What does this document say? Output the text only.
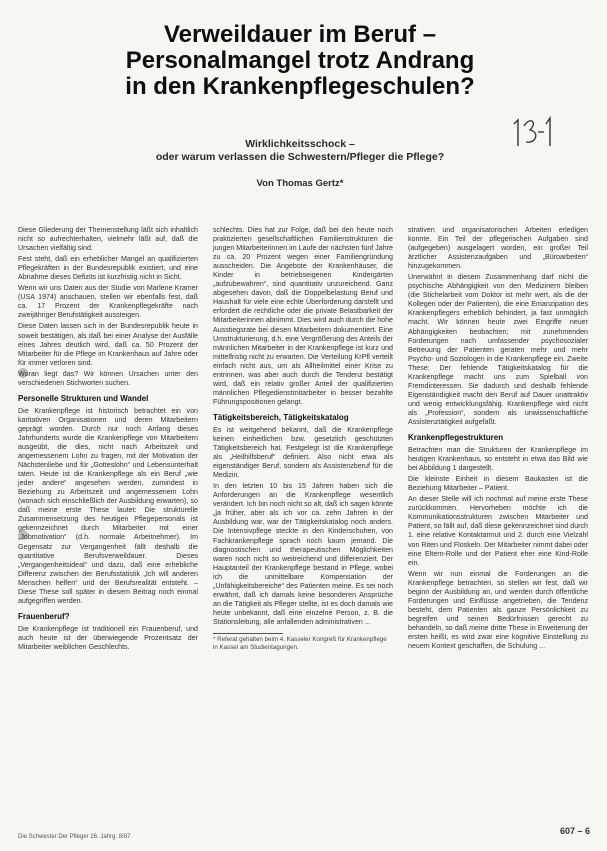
Verweildauer im Beruf –
Personalmangel trotz Andrang
in den Krankenpflegeschulen?
Wirklichkeitsschock –
oder warum verlassen die Schwestern/Pfleger die Pflege?
Von Thomas Gertz*

Diese Gliederung der Themenstellung läßt sich inhaltlich nicht so aufrechterhalten, vielmehr läßt auf, daß die Ursachen vielfältig sind.

Fest steht, daß ein erheblicher Mangel an qualifizierten Pflegekräften in der Bundesrepublik existiert, und eine Abnahme dieses Defizits ist kurzfristig nicht in Sicht.

Wenn wir uns Daten aus der Studie von Marlene Kramer (USA 1974) anschauen, stellen wir ebenfalls fest, daß ca. 17 Prozent der Krankenpflegekräfte nach zweijähriger Berufstätigkeit aussteigen.

Diese Daten lassen sich in der Bundesrepublik heute in soweit bestätigen, als daß bei einer Analyse der Ausfälle eines Jahres deutlich wird, daß ca. 50 Prozent der Mitarbeiter für die Pflege im Krankenhaus auf Jahre oder für immer verloren sind.

Woran liegt das? Wir können Ursachen unter den verschiedenen Stichworten suchen.

Personelle Strukturen und Wandel

Die Krankenpflege ist historisch betrachtet ein von karitativen Organisationen und deren Mitarbeitern geprägt worden. Durch nur noch Anfang dieses Jahrhunderts wurde die Krankenpflege von Mitarbeitern ausgeübt, die dies, nicht nach Arbeitszeit und angemessenem Lohn zu fragen, mit der Motivation der Nächstenliebe und für „Gotteslohn“ und Lebensunterhalt taten. Heute ist die Krankenpflege als ein Beruf „wie jeder andere“ angesehen werden, zumindest in Beziehung zu Arbeitszeit und angemessenem Lohn (wonach sich einschließlich der Ausbildung erwarten), so daß meine erste These lautet: Die strukturelle Zusammensetzung des heutigen Pflegepersonals ist gekennzeichnet durch Mitarbeiter mit einer „Jobmotivation“ (d.h. normale Arbeitnehmer). Im Gegensatz zur Vergangenheit fällt deshalb die quantitative Berufsverweildauer. Dieses „Vergangenheitsideal“ und dazu, daß eine erhebliche Differenz zwischen der Berufsstatistik „Ich will anderen Menschen helfen“ und der Berufsrealität entsteht. – Diese These soll später in diesem Beitrag noch einmal aufgegriffen werden.

Frauenberuf?

Die Krankenpflege ist traditionell ein Frauenberuf, und auch heute ist der überwiegende Prozentsatz der Mitarbeiter weiblichen Geschlechts.

schlechts. Dies hat zur Folge, daß bei den heute noch praktizierten gesellschaftlichen Familienstrukturen die jungen Mitarbeiterinnen im Laufe der nächsten fünf Jahre zu ca. 20 Prozent wegen einer Familiengründung ausscheiden. Die Angebote der Krankenhäuser, die Kinder in betriebseigenen Kindergärten „aufzubewahren“, sind quantitativ unzureichend. Ganz abgesehen davon, daß die Doppelbelastung Beruf und Haushalt für viele eine echte Überforderung darstellt und erfordert die rechtliche oder die private Belastbarkeit der Mitarbeiterinnen abnimmt. Dies wird auch durch die hohe Ausstiegsrate bei diesen Mitarbeitern dokumentiert. Eine Umstrukturierung, d.h. eine Vergrößerung des Anteils der männlichen Mitarbeiter in der Krankenpflege ist kurz und mittelfristig nicht zu erwarten. Die Verteilung KrPfl verteilt einfach nicht aus, um als Allheilmittel einer Krise zu entrinnen, was aber auch durch die Tendenz bestätigt wird, daß ein relativ großer Anteil der qualifizierten männlichen Pflegedienstmitarbeiter in besser bezahlte Führungspositionen gelangt.

Tätigkeitsbereich, Tätigkeitskatalog

Es ist weitgehend bekannt, daß die Krankenpflege keinen einheitlichen bzw. gesetzlich geschützten Tätigkeitsbereich hat. Festgelegt ist die Krankenpflege als „Heilhilfsberuf“ definiert. Also nicht etwa als eigenständiger Beruf, sondern als Assistenzberuf für die Medizin.

In den letzten 10 bis 15 Jahren haben sich die Anforderungen an die Krankenpflege wesentlich verändert. Ich bin noch nicht so alt, daß ich sagen könnte „ja früher, aber als ich vor ca. zehn Jahren in der Ausbildung war, war der Tätigkeitskatalog noch anders. Die Intensivpflege steckte in den Kinderschuhen, von Fachkrankenpflege sprach noch kaum jemand. Die diagnostischen und therapeutischen Möglichkeiten waren noch nicht so weitreichend und differenziert. Der Hauptanteil der Krankenpflege bestand in Pflege, wobei ich die unmittelbare Kompensation der „Unfähigkeitsbereiche“ des Patienten meine. Es sei noch erwähnt, daß ich damals keine besonderen Ansprüche an die Tätigkeit als Pfleger stellte, ist es doch damals wie heute unbekannt, daß eine einzelne Person, z. B. die Stationsleitung, alle anfallenden administrativen ...

* Referat gehalten beim 4. Kasseler Kongreß für Krankenpflege in Kassel am Studientagungen.

strativen und organisatorischen Arbeiten erledigen konnte. Ein Teil der pflegerischen Aufgaben sind (aufgegeben) ausgelagert worden, ein großer Teil ärztlicher Assistenzaufgaben und „Büroarbeiten“ hinzugekommen.

Unerwähnt in diesem Zusammenhang darf nicht die psychische Abhängigkeit von den Medizinern bleiben (die Stichelarbeit vom Doktor ist mehr wert, als die der Kollegen oder der Patienten), die eine Emanzipation des Krankenpflegers erheblich behindert, ja fast unmöglich macht. Wir können heute zwei Eingriffe neuer Abhängigkeiten beobachten; mit zunehmenden Forderungen nach umfassender psychosozialer Betreuung der Patienten geraten mehr und mehr Psycho- und Soziologen in die Krankenpflege ein. Zweite These: Der fehlende Tätigkeitskatalog für die Krankenpflege macht uns zum Spielball von Fremdinteressen. Sie dadurch und deshalb fehlende Eigenständigkeit macht den Beruf auf Dauer unattraktiv und wenig entwicklungsfähig. Krankenpflege wird nicht als „Profession“, sondern als unwissenschaftliche Assistenztätigkeit aufgefaßt.

Krankenpflegestrukturen

Betrachten man die Strukturen der Krankenpflege im heutigen Krankenhaus, so entsteht in etwa das Bild wie bei Abbildung 1 dargestellt.

Die kleinste Einheit in diesem Baukasten ist die Beziehung Mitarbeiter – Patient.

An dieser Stelle will ich nochmal auf meine erste These zurückkommen. Hervorheben möchte ich die Kommunikationsstrukturen zwischen Mitarbeiter und Patient, so fällt auf, daß diese gekennzeichnet sind durch 1. eine relative Kontaktarmut und 2. durch eine Vielzahl von Riten und Floskeln. Der Mitarbeiter nimmt dabei oder eine Eltern-Rolle und der Patient eher eine Kind-Rolle ein.

Wenn wir nun einmal die Forderungen an die Krankenpflege betrachten, so stellen wir fest, daß wir beginn der Ausbildung an, und werden durch öffentliche Forderungen und Einflüsse angetrieben, die Tendenz besteht, dem Patienten als ganze Persönlichkeit zu begreifen und seinen Bedürfnissen gerecht zu behandeln, so daß meine dritte These in Erweiterung der ersten heißt, es wird zwar eine kognitive Einstellung zu neuem Kontext geschaffen, die Schulung ...

Die Schwester Der Pfleger 26. Jahrg. 8/87
607 – 6
